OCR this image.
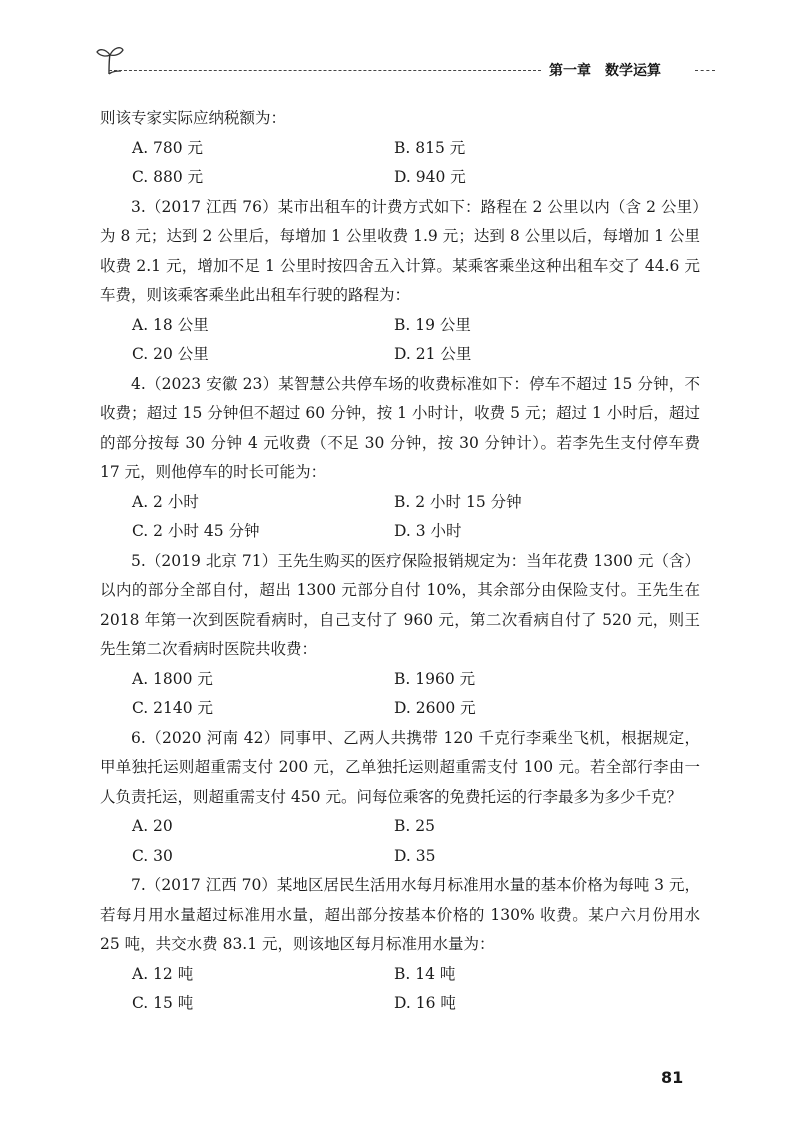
第一章 数学运算

则该专家实际应纳税额为：

A. 780 元	B. 815 元
C. 880 元	D. 940 元

3.（2017 江西 76）某市出租车的计费方式如下：路程在 2 公里以内（含 2 公里）为 8 元；达到 2 公里后，每增加 1 公里收费 1.9 元；达到 8 公里以后，每增加 1 公里收费 2.1 元，增加不足 1 公里时按四舍五入计算。某乘客乘坐这种出租车交了 44.6 元车费，则该乘客乘坐此出租车行驶的路程为：

A. 18 公里	B. 19 公里
C. 20 公里	D. 21 公里

4.（2023 安徽 23）某智慧公共停车场的收费标准如下：停车不超过 15 分钟，不收费；超过 15 分钟但不超过 60 分钟，按 1 小时计，收费 5 元；超过 1 小时后，超过的部分按每 30 分钟 4 元收费（不足 30 分钟，按 30 分钟计）。若李先生支付停车费 17 元，则他停车的时长可能为：

A. 2 小时	B. 2 小时 15 分钟
C. 2 小时 45 分钟	D. 3 小时

5.（2019 北京 71）王先生购买的医疗保险报销规定为：当年花费 1300 元（含）以内的部分全部自付，超出 1300 元部分自付 10%，其余部分由保险支付。王先生在 2018 年第一次到医院看病时，自己支付了 960 元，第二次看病自付了 520 元，则王先生第二次看病时医院共收费：

A. 1800 元	B. 1960 元
C. 2140 元	D. 2600 元

6.（2020 河南 42）同事甲、乙两人共携带 120 千克行李乘坐飞机，根据规定，甲单独托运则超重需支付 200 元，乙单独托运则超重需支付 100 元。若全部行李由一人负责托运，则超重需支付 450 元。问每位乘客的免费托运的行李最多为多少千克？

A. 20	B. 25
C. 30	D. 35

7.（2017 江西 70）某地区居民生活用水每月标准用水量的基本价格为每吨 3 元，若每月用水量超过标准用水量，超出部分按基本价格的 130% 收费。某户六月份用水 25 吨，共交水费 83.1 元，则该地区每月标准用水量为：

A. 12 吨	B. 14 吨
C. 15 吨	D. 16 吨
81
